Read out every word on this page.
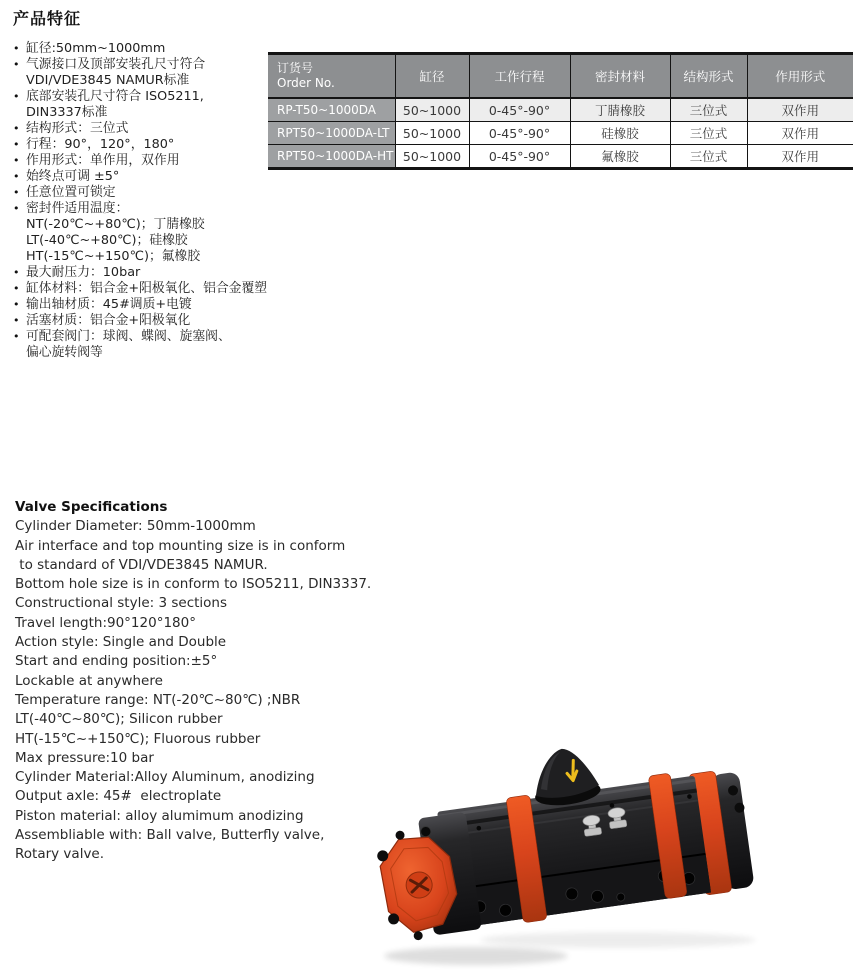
产品特征
• 缸径:50mm~1000mm
• 气源接口及顶部安装孔尺寸符合
VDI/VDE3845 NAMUR标准
• 底部安装孔尺寸符合 ISO5211,
DIN3337标准
• 结构形式：三位式
• 行程：90°，120°，180°
• 作用形式：单作用，双作用
• 始终点可调 ±5°
• 任意位置可锁定
• 密封件适用温度：
NT(-20℃~+80℃)；丁腈橡胶
LT(-40℃~+80℃)；硅橡胶
HT(-15℃~+150℃)；氟橡胶
• 最大耐压力：10bar
• 缸体材料：铝合金+阳极氧化、铝合金覆塑
• 输出轴材质：45#调质+电镀
• 活塞材质：铝合金+阳极氧化
• 可配套阀门：球阀、蝶阀、旋塞阀、
偏心旋转阀等
订货号
Order No.	缸径	工作行程	密封材料	结构形式	作用形式
RP-T50~1000DA	50~1000	0-45°-90°	丁腈橡胶	三位式	双作用
RPT50~1000DA-LT	50~1000	0-45°-90°	硅橡胶	三位式	双作用
RPT50~1000DA-HT	50~1000	0-45°-90°	氟橡胶	三位式	双作用
Valve Specifications
Cylinder Diameter: 50mm-1000mm
Air interface and top mounting size is in conform
to standard of VDI/VDE3845 NAMUR.
Bottom hole size is in conform to ISO5211, DIN3337.
Constructional style: 3 sections
Travel length:90°120°180°
Action style: Single and Double
Start and ending position:±5°
Lockable at anywhere
Temperature range: NT(-20℃~80℃) ;NBR
LT(-40℃~80℃); Silicon rubber
HT(-15℃~+150℃); Fluorous rubber
Max pressure:10 bar
Cylinder Material:Alloy Aluminum, anodizing
Output axle: 45#  electroplate
Piston material: alloy alumimum anodizing
Assembliable with: Ball valve, Butterfly valve,
Rotary valve.
